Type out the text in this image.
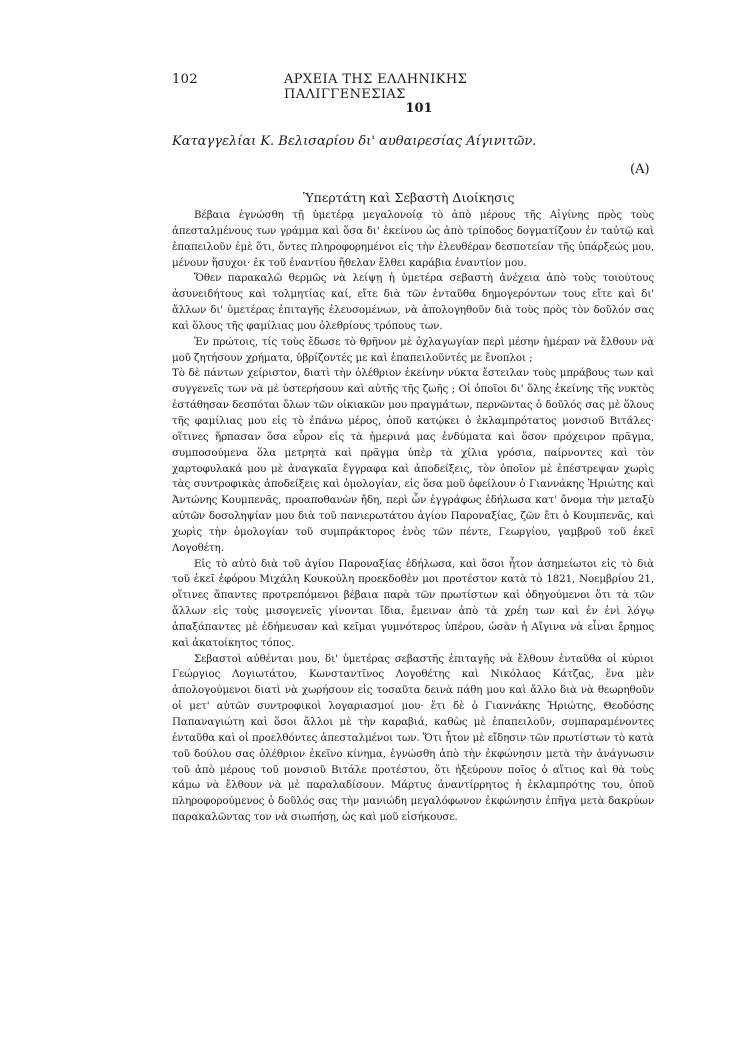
102	ΑΡΧΕΙΑ ΤΗΣ ΕΛΛΗΝΙΚΗΣ ΠΑΛΙΓΓΕΝΕΣΙΑΣ
101
Καταγγελίαι Κ. Βελισαρίου δι' αυθαιρεσίας Αίγινιτῶν.
(Α)
Ὑπερτάτη καὶ Σεβαστὴ Διοίκησις

Βέβαια ἐγνώσθη τῇ ὑμετέρᾳ μεγαλονοίᾳ τὸ ἀπὸ μέρους τῆς Αἰγίνης πρὸς τοὺς ἀπεσταλμένους των γράμμα καὶ ὅσα δι' ἐκείνου ὡς ἀπὸ τρίποδος δογματίζουν ἐν ταὐτῷ καὶ ἐπαπειλοῦν ἐμὲ ὅτι, ὄντες πληροφορημένοι εἰς τὴν ἐλευθέραν δεσποτείαν τῆς ὑπάρξεώς μου, μένουν ἥσυχοι· ἐκ τοῦ ἐναντίου ἤθελαν ἔλθει καράβια ἐναντίον μου.

Ὅθεν παρακαλῶ θερμῶς νὰ λείψῃ ἡ ὑμετέρα σεβαστὴ ἀνέχεια ἀπὸ τοὺς τοιούτους ἀσυνειδήτους καὶ τολμητίας καί, εἴτε διὰ τῶν ἐνταῦθα δημογερόντων τους εἴτε καὶ δι' ἄλλων δι' ὑμετέρας ἐπιταγῆς ἐλευσομένων, νὰ ἀπολογηθοῦν διὰ τοὺς πρὸς τὸν δοῦλόν σας καὶ ὅλους τῆς φαμίλιας μου ὀλεθρίους τρόπους των.

Ἐν πρώτοις, τίς τοὺς ἔδωσε τὸ θρῆνον μὲ ὀχλαγωγίαν περὶ μέσην ἡμέραν νὰ ἔλθουν νὰ μοῦ ζητήσουν χρήματα, ὑβρίζοντές με καὶ ἐπαπειλοῦντές με ἔνοπλοι ;

Τὸ δὲ πάντων χείριστον, διατὶ τὴν ὀλέθριον ἐκείνην νύκτα ἔστειλαν τοὺς μπράβους των καὶ συγγενεῖς των νὰ μὲ ὑστερήσουν καὶ αὐτῆς τῆς ζωῆς ; Οἱ ὁποῖοι δι' ὅλης ἐκείνης τῆς νυκτὸς ἐστάθησαν δεσπόται ὅλων τῶν οἰκιακῶν μου πραγμάτων, περνῶντας ὁ δοῦλός σας μὲ ὅλους τῆς φαμίλιας μου εἰς τὸ ἐπάνω μέρος, ὁποῦ κατῴκει ὁ ἐκλαμπρότατος μονσιοῦ Βιτάλες· οἵτινες ἥρπασαν ὅσα εὗρον εἰς τὰ ἡμερινά μας ἐνδύματα καὶ ὅσον πρόχειρον πρᾶγμα, συμποσούμενα ὅλα μετρητὰ καὶ πρᾶγμα ὑπὲρ τὰ χίλια γρόσια, παίρνοντες καὶ τὸν χαρτοφυλακά μου μὲ ἀναγκαῖα ἔγγραφα καὶ ἀποδείξεις, τὸν ὁποῖον μὲ ἐπέστρεψαν χωρὶς τὰς συντροφικὰς ἀποδείξεις καὶ ὁμολογίαν, εἰς ὅσα μοῦ ὀφείλουν ὁ Γιαννάκης Ἠριώτης καὶ Ἀντώνης Κουμπενᾶς, προαποθανὼν ἤδη, περὶ ὧν ἐγγράφως ἐδήλωσα κατ' ὄνομα τὴν μεταξὺ αὐτῶν δοσοληψίαν μου διὰ τοῦ πανιερωτάτου ἁγίου Παροναξίας, ζῶν ἔτι ὁ Κουμπενᾶς, καὶ χωρὶς τὴν ὁμολογίαν τοῦ συμπράκτορος ἑνὸς τῶν πέντε, Γεωργίου, γαμβροῦ τοῦ ἐκεῖ Λογοθέτη.

Εἰς τὸ αὐτὸ διὰ τοῦ ἁγίου Παροναξίας ἐδήλωσα, καὶ ὅσοι ἦτον ἀσημείωτοι εἰς τὸ διὰ τοῦ ἐκεῖ ἐφόρου Μιχάλη Κουκούλη προεκδοθὲν μοι προτέστον κατὰ τὸ 1821, Νοεμβρίου 21, οἵτινες ἅπαντες προτρεπόμενοι βέβαια παρὰ τῶν πρωτίστων καὶ ὁδηγούμενοι ὅτι τὰ τῶν ἄλλων εἰς τοὺς μισογενεῖς γίνονται ἴδια, ἔμειναν ἀπὸ τὰ χρέη των καὶ ἐν ἑνὶ λόγῳ ἁπαξάπαντες μὲ ἐδήμευσαν καὶ κεῖμαι γυμνότερος ὑπέρου, ὡσὰν ἡ Αἴγινα νὰ εἶναι ἔρημος καὶ ἀκατοίκητος τόπος.

Σεβαστοὶ αὐθένται μου, δι' ὑμετέρας σεβαστῆς ἐπιταγῆς νὰ ἔλθουν ἐνταῦθα οἱ κύριοι Γεώργιος Λογιωτάτου, Κωνσταντῖνος Λογοθέτης καὶ Νικόλαος Κάτζας, ἕνα μὲν ἀπολογούμενοι διατὶ νὰ χωρήσουν εἰς τοσαῦτα δεινὰ πάθη μου καὶ ἄλλο διὰ νὰ θεωρηθοῦν οἱ μετ' αὐτῶν συντροφικοὶ λογαριασμοί μου· ἔτι δὲ ὁ Γιαννάκης Ἠριώτης, Θεοδόσης Παπαναγιώτη καὶ ὅσοι ἄλλοι μὲ τὴν καραβιά, καθὼς μὲ ἐπαπειλοῦν, συμπαραμένοντες ἐνταῦθα καὶ οἱ προελθόντες ἀπεσταλμένοι των. Ὅτι ἦτον μὲ εἴδησιν τῶν πρωτίστων τὸ κατὰ τοῦ δούλου σας ὀλέθριον ἐκεῖνο κίνημα, ἐγνώσθη ἀπὸ τὴν ἐκφώνησιν μετὰ τὴν ἀνάγνωσιν τοῦ ἀπὸ μέρους τοῦ μονσιοῦ Βιτάλε προτέστου, ὅτι ἠξεύρουν ποῖος ὁ αἴτιος καὶ θὰ τοὺς κάμω νὰ ἔλθουν νὰ μὲ παραλαδίσουν. Μάρτυς ἀναντίρρητος ἡ ἐκλαμπρότης του, ὁποῦ πληροφορούμενος ὁ δοῦλός σας τὴν μανιώδη μεγαλόφωνον ἐκφώνησιν ἐπῆγα μετὰ δακρύων παρακαλῶντας τον νὰ σιωπήσῃ, ὡς καὶ μοῦ εἰσήκουσε.
